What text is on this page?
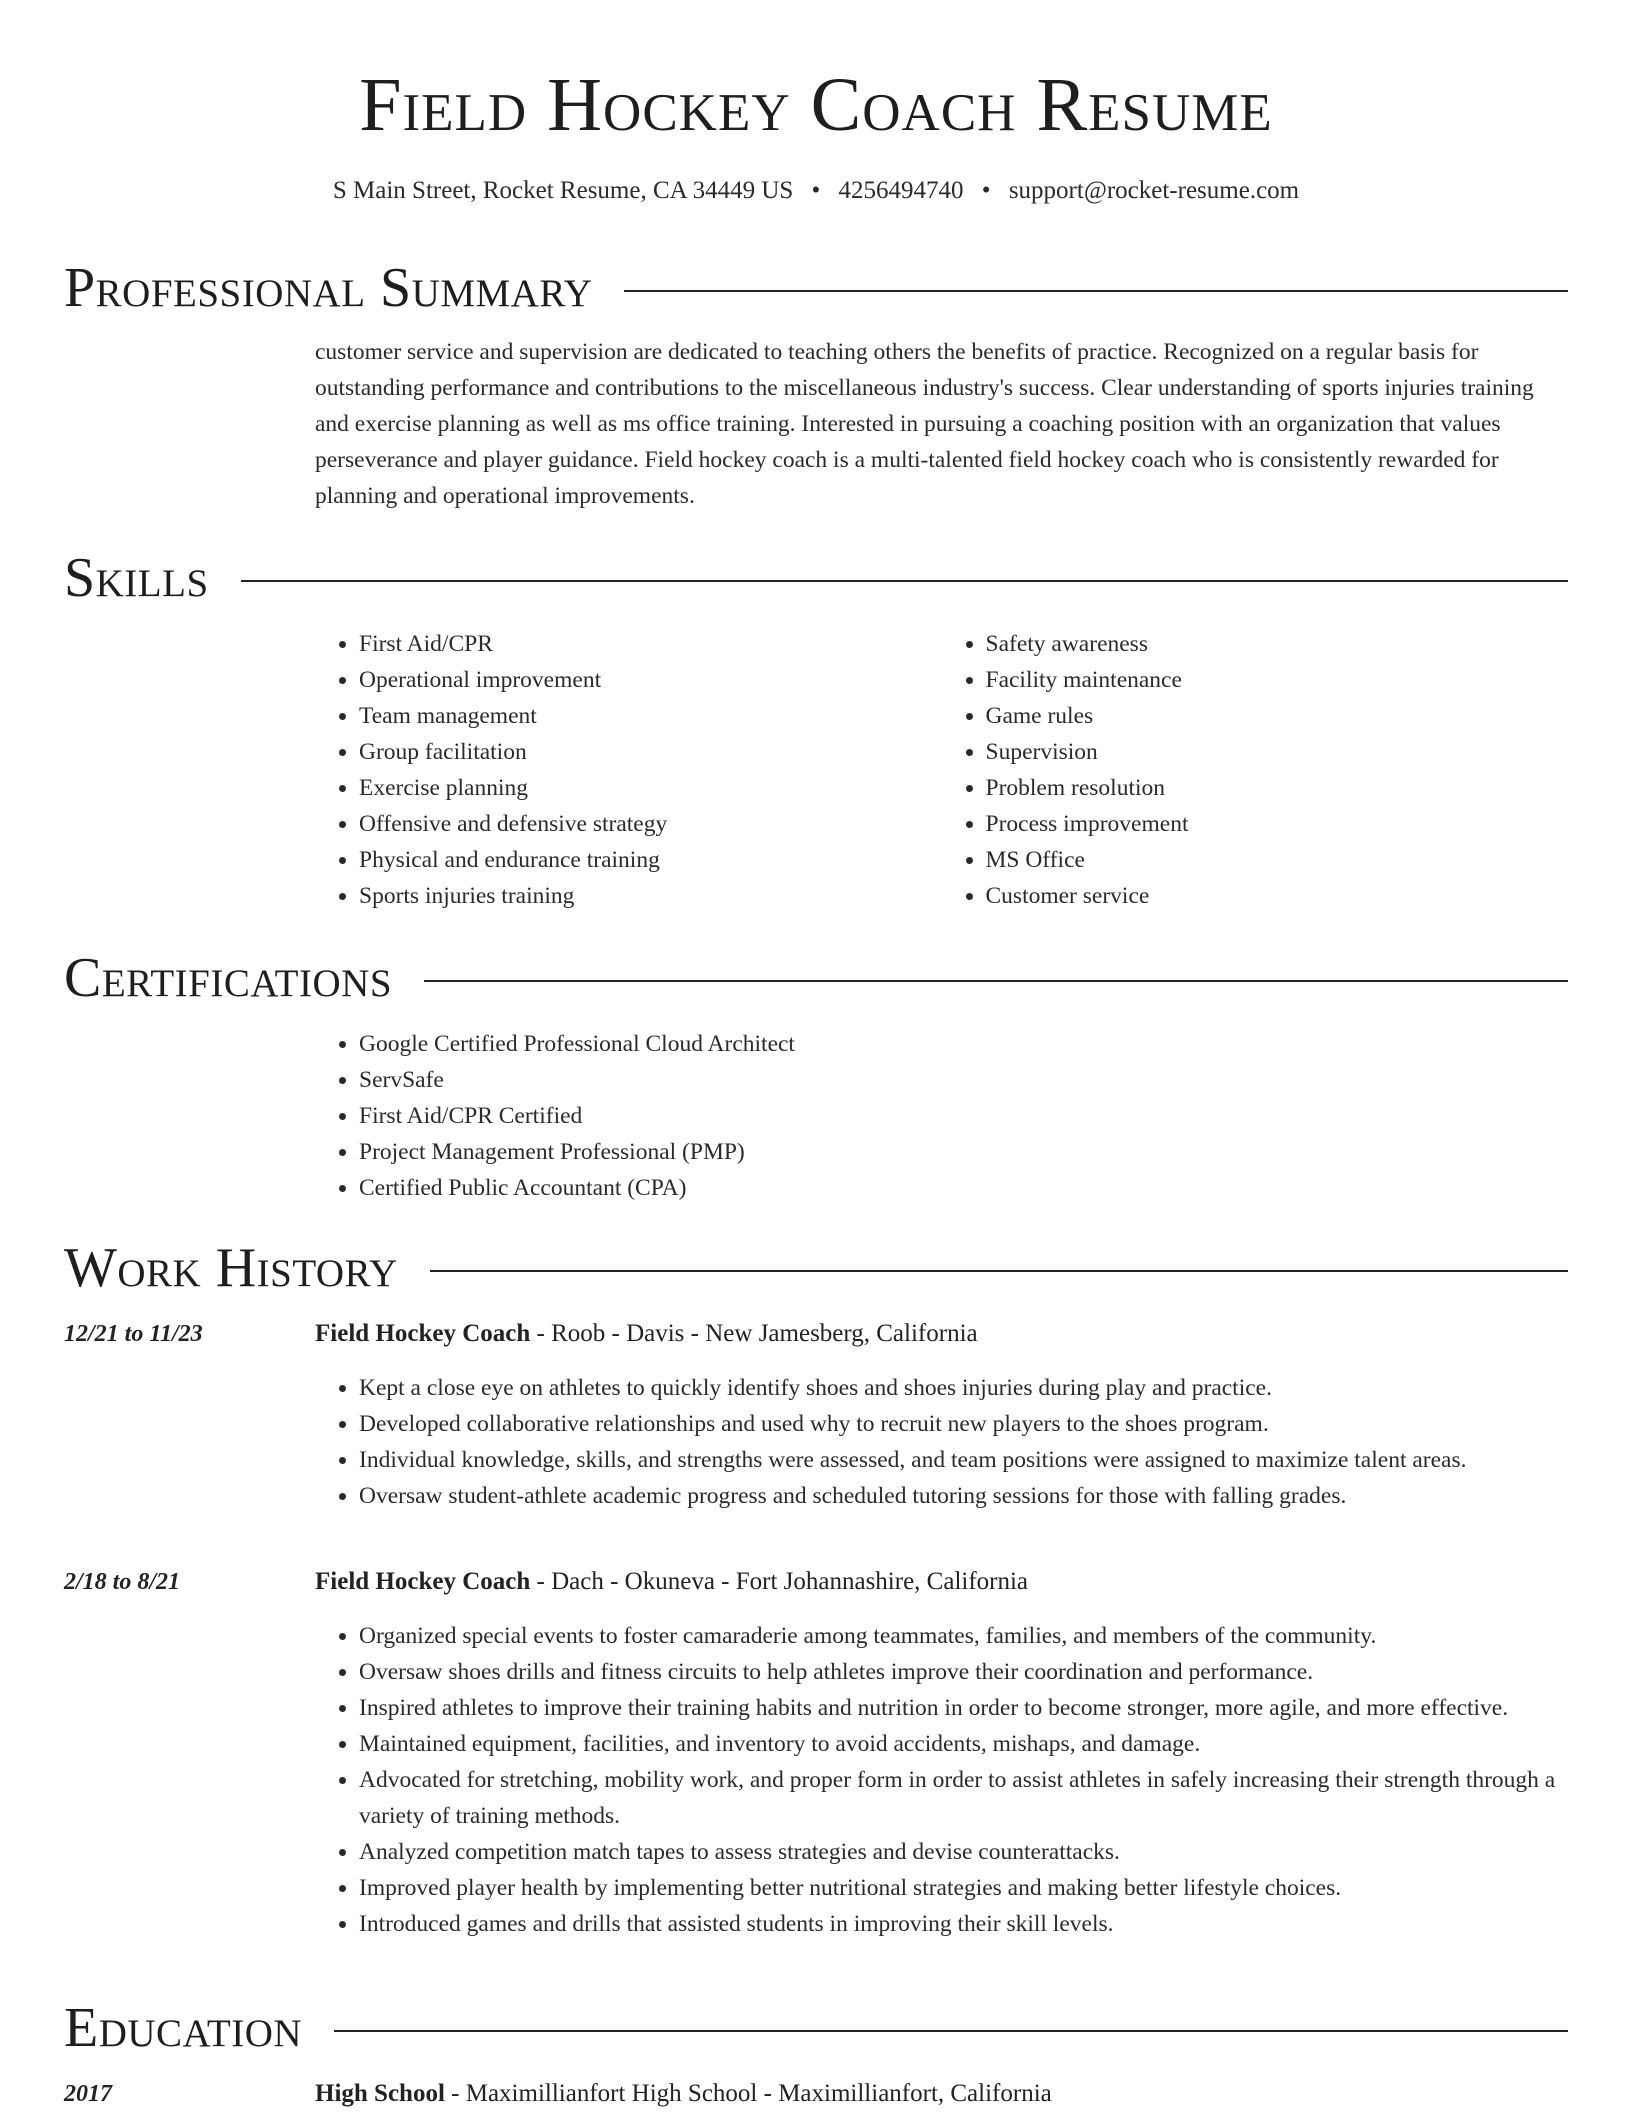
Field Hockey Coach Resume
S Main Street, Rocket Resume, CA 34449 US • 4256494740 • support@rocket-resume.com
Professional Summary
customer service and supervision are dedicated to teaching others the benefits of practice. Recognized on a regular basis for outstanding performance and contributions to the miscellaneous industry's success. Clear understanding of sports injuries training and exercise planning as well as ms office training. Interested in pursuing a coaching position with an organization that values perseverance and player guidance. Field hockey coach is a multi-talented field hockey coach who is consistently rewarded for planning and operational improvements.
Skills
• First Aid/CPR
• Operational improvement
• Team management
• Group facilitation
• Exercise planning
• Offensive and defensive strategy
• Physical and endurance training
• Sports injuries training
• Safety awareness
• Facility maintenance
• Game rules
• Supervision
• Problem resolution
• Process improvement
• MS Office
• Customer service
Certifications
• Google Certified Professional Cloud Architect
• ServSafe
• First Aid/CPR Certified
• Project Management Professional (PMP)
• Certified Public Accountant (CPA)
Work History
12/21 to 11/23	Field Hockey Coach - Roob - Davis - New Jamesberg, California
• Kept a close eye on athletes to quickly identify shoes and shoes injuries during play and practice.
• Developed collaborative relationships and used why to recruit new players to the shoes program.
• Individual knowledge, skills, and strengths were assessed, and team positions were assigned to maximize talent areas.
• Oversaw student-athlete academic progress and scheduled tutoring sessions for those with falling grades.
2/18 to 8/21	Field Hockey Coach - Dach - Okuneva - Fort Johannashire, California
• Organized special events to foster camaraderie among teammates, families, and members of the community.
• Oversaw shoes drills and fitness circuits to help athletes improve their coordination and performance.
• Inspired athletes to improve their training habits and nutrition in order to become stronger, more agile, and more effective.
• Maintained equipment, facilities, and inventory to avoid accidents, mishaps, and damage.
• Advocated for stretching, mobility work, and proper form in order to assist athletes in safely increasing their strength through a variety of training methods.
• Analyzed competition match tapes to assess strategies and devise counterattacks.
• Improved player health by implementing better nutritional strategies and making better lifestyle choices.
• Introduced games and drills that assisted students in improving their skill levels.
Education
2017	High School - Maximillianfort High School - Maximillianfort, California
